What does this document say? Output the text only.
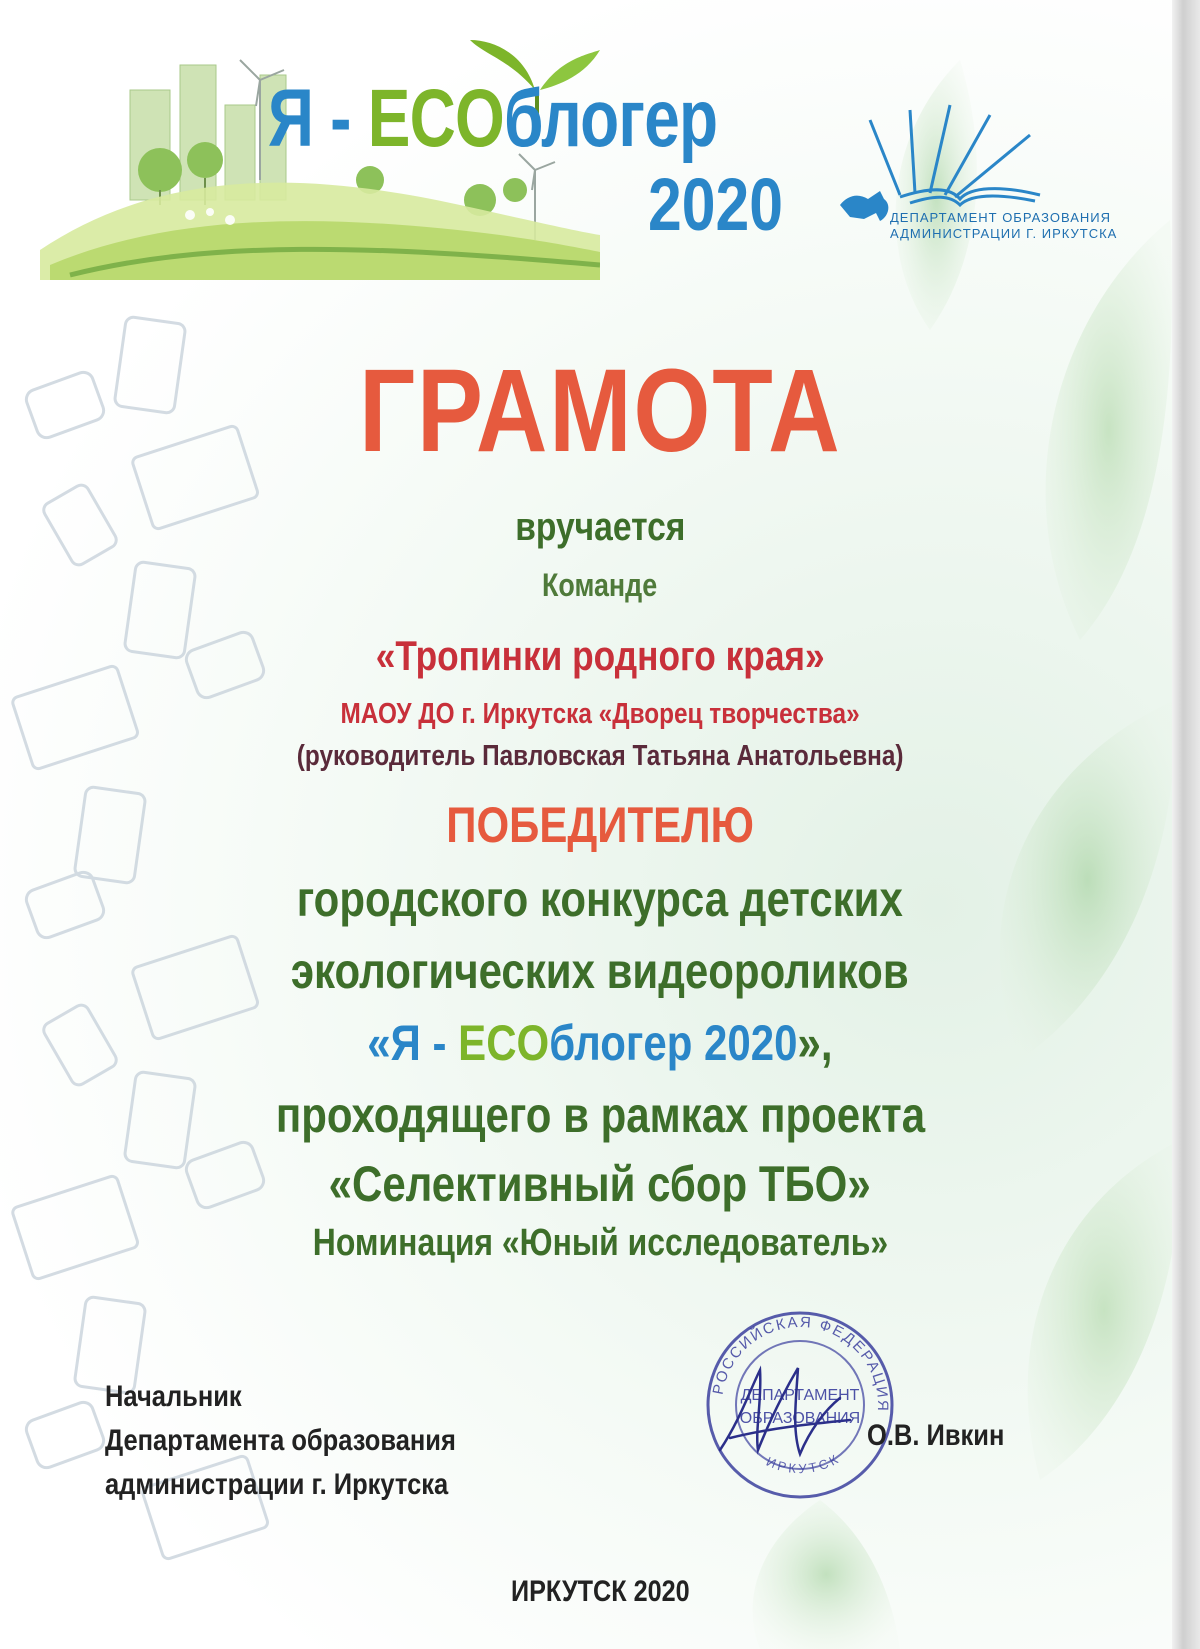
Я - ECOблогер
2020	ДЕПАРТАМЕНТ ОБРАЗОВАНИЯ
АДМИНИСТРАЦИИ Г. ИРКУТСКА
ГРАМОТА
вручается
Команде
«Тропинки родного края»
МАОУ ДО г. Иркутска «Дворец творчества»
(руководитель Павловская Татьяна Анатольевна)
ПОБЕДИТЕЛЮ
городского конкурса детских
экологических видеороликов
«Я - ECOблогер 2020»,
проходящего в рамках проекта
«Селективный сбор ТБО»
Номинация «Юный исследователь»
Начальник
Департамента образования
администрации г. Иркутска
РОССИЙСКАЯ ФЕДЕРАЦИЯ
ИРКУТСК
ДЕПАРТАМЕНТ
ОБРАЗОВАНИЯ
О.В. Ивкин
ИРКУТСК 2020
